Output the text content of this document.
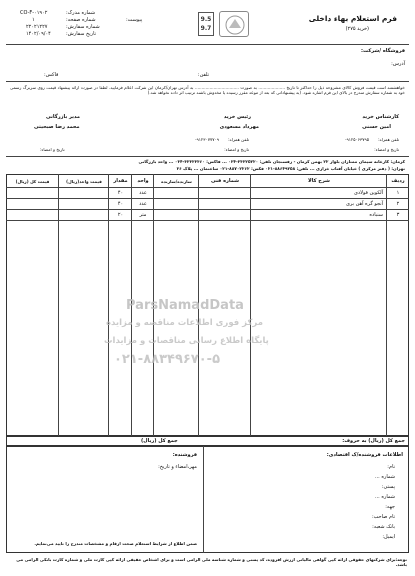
9.5
9.7
فرم استعلام بهاء داخلی
(خرید ۲۷۵)
شماره مدرک:
CO-F-۰۱۹۰۲
پیوست:
شماره صفحه:
۱
شماره سفارش:
۲۲۰۲۱۲۲۷
تاریخ سفارش:
۱۴۰۲/۰۹/۰۴
فروشگاه /شرکت:
آدرس:
تلفن:
فاکس:
خواهشمند است قیمت فروش کالای مشروحه ذیل را حداکثر تا تاریخ .................... به صورت ................................. به آدرس تهران/کرمان این شرکت اعلام فرمایید. لطفا در صورت ارائه پیشنهاد قیمت روی سربرگ رسمی خود به شماره سفارش مندرج در بالای این فرم اشاره شود. (به پیشنهاداتی که بعد از موعد مقرر رسیده یا مخدوش باشند ترتیب اثر داده نخواهد شد.)
کارشناس خرید
امین حسنی
تلفن همراه:
۰۹۱۲۵۰۶۳۷۹۵
تاریخ و امضاء:
رئیس خرید
مهرداد مسعودی
تلفن همراه:
۰۹۱۲۳۰۷۷۷۰۹
تاریخ و امضاء:
مدیر بازرگانی
محمد رضا صبحیتی
تاریخ و امضاء:
کرمان: کارخانه سیمان ممتازان بلوار ۲۲ بهمن کرمان - رفسنجان تلفن: ۳۳۳۲۵۲۲۰-۰۳۴ ... فاکس: ۳۳۳۳۳۳۶۰-۰۳۴ ... واحد بازرگانی
تهران: ( دفتر مرکزی ) خیابان آفتاب خرازی ... تلفن: ۸۸۶۴۹۲۵۸-۰۲۱ فکس: ۸۸۷۰۲۲۶۲-۰۲۱ ساختمان ... پلاک ۲۶
ردیف
شرح کالا
شماره فنی
سازنده/سازنده
واحد
مقدار
قیمت واحد(ریال)
قیمت کل (ریال)
۱
آلکوین فولادی
عدد
۴۰
۲
آنجو گره آهن بری
عدد
۴۰
۳
سنباده
متر
۲۰
جمع کل (ریال) به حروف:
جمع کل (ریال)
اطلاعات فروشنده/ک اقتصادی:
نام:
شماره ...
پستی:
شماره ...
جهه:
تام صاحب:
بانک شعبه:
ایمیل:
فروشنده:
مهر،امضاء و تاریخ:
ضمن اطلاع از شرایط استعلام صحت ارقام و مشخصات مندرج را تایید می‌نمایم.
توجه:برای شرکتهای حقوقی ارائه کپی گواهی مالیاتی ارزش افزوده، کد پستی و شماره شناسه ملی الزامی است و برای اشخاص حقیقی ارائه کپی کارت ملی و شماره کارت بانکی الزامی می باشد.
ParsNamadData
مرکز فوری اطلاعات مناقصه و مزایده
پایگاه اطلاع رسانی مناقصات و مزایدات
۰۲۱-۸۸۳۴۹۶۷۰-۵
